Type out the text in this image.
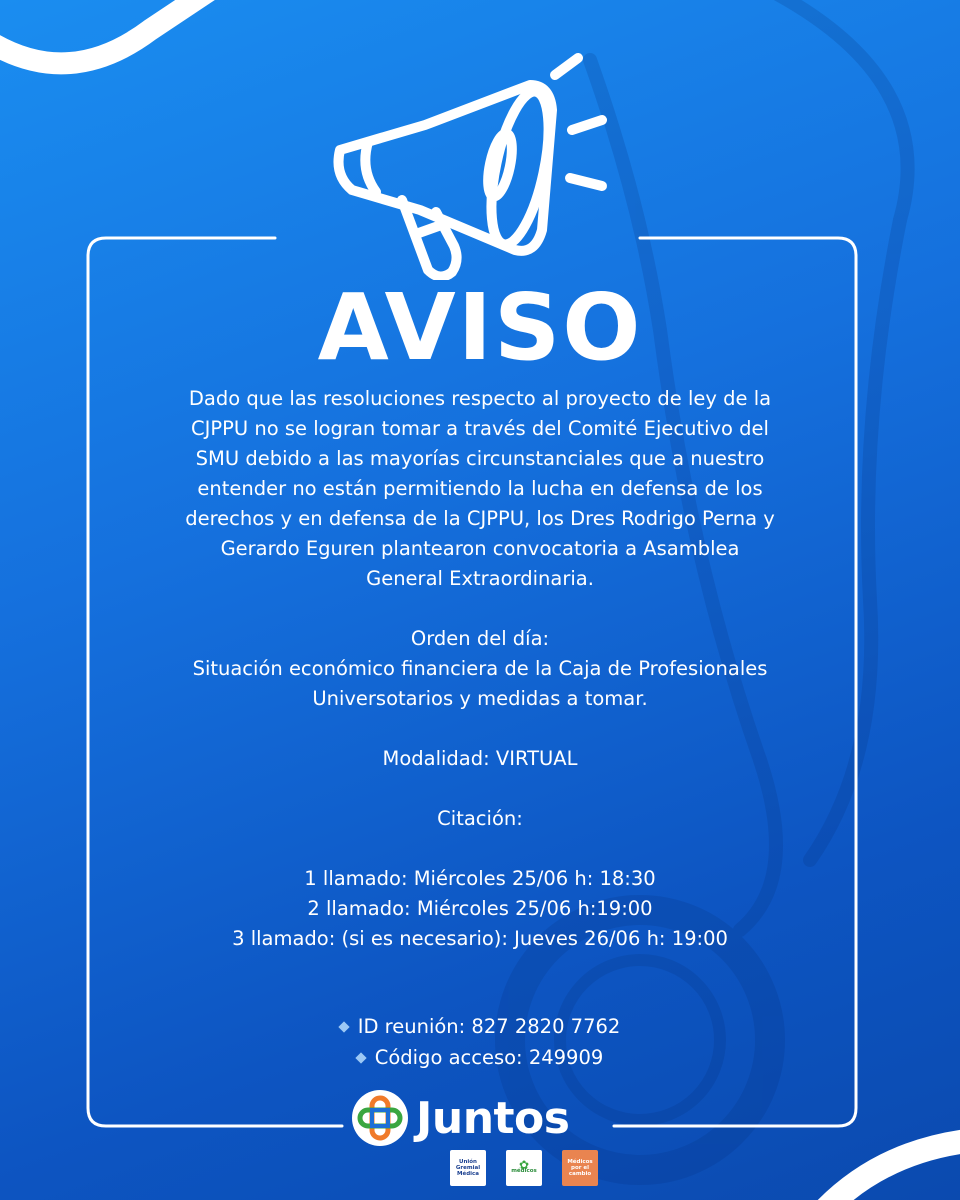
AVISO

Dado que las resoluciones respecto al proyecto de ley de la

CJPPU no se logran tomar a través del Comité Ejecutivo del

SMU debido a las mayorías circunstanciales que a nuestro

entender no están permitiendo la lucha en defensa de los

derechos y en defensa de la CJPPU, los Dres Rodrigo Perna y

Gerardo Eguren plantearon convocatoria a Asamblea

General Extraordinaria.

Orden del día:

Situación económico financiera de la Caja de Profesionales

Universotarios y medidas a tomar.

Modalidad: VIRTUAL

Citación:

1 llamado: Miércoles 25/06 h: 18:30

2 llamado: Miércoles 25/06 h:19:00

3 llamado: (si es necesario): Jueves 26/06 h: 19:00

ID reunión: 827 2820 7762
Código acceso: 249909
Juntos
Unión
Gremial
Médica
✿
médicos
Médicos
por el
cambio
